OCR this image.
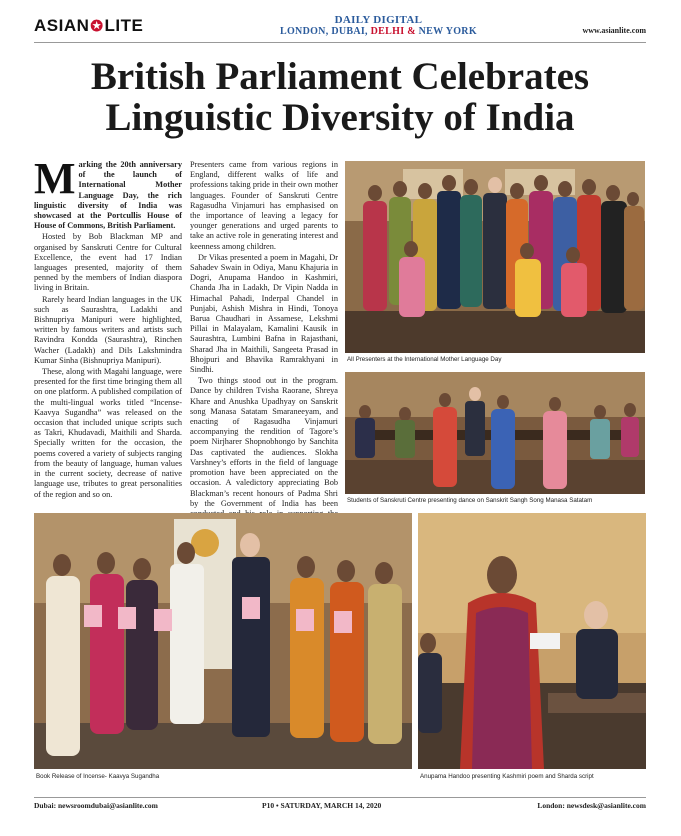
ASIAN✪LITE	DAILY DIGITAL
LONDON, DUBAI, DELHI & NEW YORK	www.asianlite.com
British Parliament Celebrates
Linguistic Diversity of India

Marking the 20th anniversary of the launch of International Mother Language Day, the rich linguistic diversity of India was showcased at the Portcullis House of House of Commons, British Parliament.

Hosted by Bob Blackman MP and organised by Sanskruti Centre for Cultural Excellence, the event had 17 Indian languages presented, majority of them penned by the members of Indian diaspora living in Britain.

Rarely heard Indian languages in the UK such as Saurashtra, Ladakhi and Bishnupriya Manipuri were highlighted, written by famous writers and artists such Ravindra Kondda (Saurashtra), Rinchen Wacher (Ladakh) and Dils Lakshmindra Kumar Sinha (Bishnupriya Manipuri).

These, along with Magahi language, were presented for the first time bringing them all on one platform. A published compilation of the multi-lingual works titled “Incense-Kaavya Sugandha” was released on the occasion that included unique scripts such as Takri, Khudavadi, Maithili and Sharda. Specially written for the occasion, the poems covered a variety of subjects ranging from the beauty of language, human values in the current society, decrease of native language use, tributes to great personalities of the region and so on.

Presenters came from various regions in England, different walks of life and professions taking pride in their own mother languages. Founder of Sanskruti Centre Ragasudha Vinjamuri has emphasised on the importance of leaving a legacy for younger generations and urged parents to take an active role in generating interest and keenness among children.

Dr Vikas presented a poem in Magahi, Dr Sahadev Swain in Odiya, Manu Khajuria in Dogri, Anupama Handoo in Kashmiri, Chanda Jha in Ladakh, Dr Vipin Nadda in Himachal Pahadi, Inderpal Chandel in Punjabi, Ashish Mishra in Hindi, Tonoya Barua Chaudhari in Assamese, Lekshmi Pillai in Malayalam, Kamalini Kausik in Saurashtra, Lumbini Bafna in Rajasthani, Sharad Jha in Maithili, Sangeeta Prasad in Bhojpuri and Bhavika Ramrakhyani in Sindhi.

Two things stood out in the program. Dance by children Tvisha Raorane, Shreya Khare and Anushka Upadhyay on Sanskrit song Manasa Satatam Smaraneeyam, and enacting of Ragasudha Vinjamuri accompanying the rendition of Tagore’s poem Nirjharer Shopnobhongo by Sanchita Das captivated the audiences. Slokha Varshney’s efforts in the field of language promotion have been appreciated on the occasion. A valedictory appreciating Bob Blackman’s recent honours of Padma Shri by the Government of India has been

All Presenters at the International Mother Language Day
Students of Sanskruti Centre presenting dance on Sanskrit Sangh Song Manasa Satatam
Book Release of Incense- Kaavya Sugandha	Anupama Handoo presenting Kashmiri poem and Sharda script
Dubai: newsroomdubai@asianlite.com	P10 • SATURDAY, MARCH 14, 2020	London: newsdesk@asianlite.com
